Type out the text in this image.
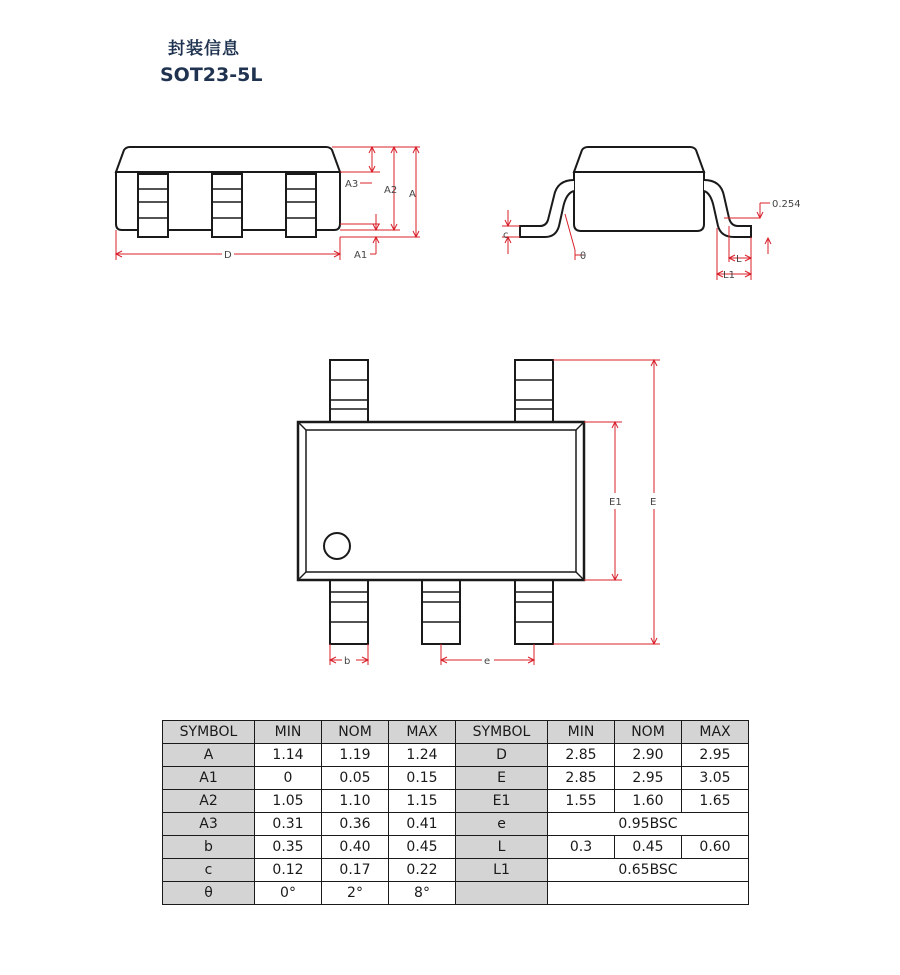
封装信息
SOT23-5L
A3
A2 A
A1
D
c
θ
0.254
L
L1
E1	E
b	e
SYMBOL	MIN	NOM	MAX	SYMBOL	MIN	NOM	MAX
A	1.14	1.19	1.24	D	2.85	2.90	2.95
A1	0	0.05	0.15	E	2.85	2.95	3.05
A2	1.05	1.10	1.15	E1	1.55	1.60	1.65
A3	0.31	0.36	0.41	e	0.95BSC		
b	0.35	0.40	0.45	L	0.3	0.45	0.60
c	0.12	0.17	0.22	L1	0.65BSC		
θ	0°	2°	8°				
